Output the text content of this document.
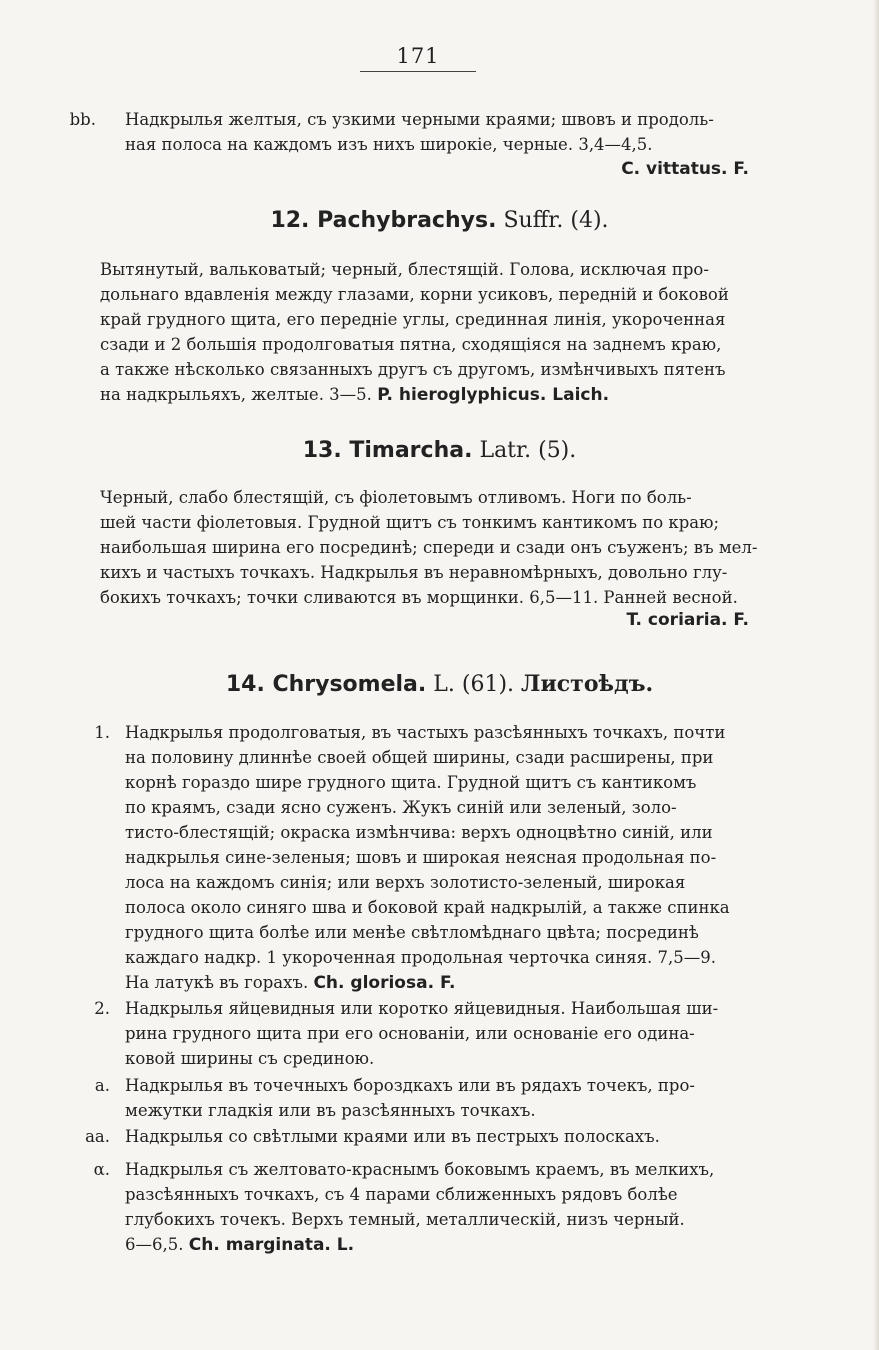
171
bb. Надкрылья желтыя, съ узкими черными краями; швовъ и продоль-
ная полоса на каждомъ изъ нихъ широкіе, черные. 3,4—4,5.
C. vittatus. F.
12. Pachybrachys. Suffr. (4).
Вытянутый, вальковатый; черный, блестящій. Голова, исключая про-
дольнаго вдавленія между глазами, корни усиковъ, передній и боковой
край грудного щита, его передніе углы, срединная линія, укороченная
сзади и 2 большія продолговатыя пятна, сходящіяся на заднемъ краю,
а также нѣсколько связанныхъ другъ съ другомъ, измѣнчивыхъ пятенъ
на надкрыльяхъ, желтые. 3—5. P. hieroglyphicus. Laich.
13. Timarcha. Latr. (5).
Черный, слабо блестящій, съ фіолетовымъ отливомъ. Ноги по боль-
шей части фіолетовыя. Грудной щитъ съ тонкимъ кантикомъ по краю;
наибольшая ширина его посрединѣ; спереди и сзади онъ съуженъ; въ мел-
кихъ и частыхъ точкахъ. Надкрылья въ неравномѣрныхъ, довольно глу-
бокихъ точкахъ; точки сливаются въ морщинки. 6,5—11. Ранней весной.
T. coriaria. F.
14. Chrysomela. L. (61). Листоѣдъ.
1. Надкрылья продолговатыя, въ частыхъ разсѣянныхъ точкахъ, почти
на половину длиннѣе своей общей ширины, сзади расширены, при
корнѣ гораздо шире грудного щита. Грудной щитъ съ кантикомъ
по краямъ, сзади ясно суженъ. Жукъ синій или зеленый, золо-
тисто-блестящій; окраска измѣнчива: верхъ одноцвѣтно синій, или
надкрылья сине-зеленыя; шовъ и широкая неясная продольная по-
лоса на каждомъ синія; или верхъ золотисто-зеленый, широкая
полоса около синяго шва и боковой край надкрылій, а также спинка
грудного щита болѣе или менѣе свѣтломѣднаго цвѣта; посрединѣ
каждаго надкр. 1 укороченная продольная черточка синяя. 7,5—9.
На латукѣ въ горахъ. Ch. gloriosa. F.
2. Надкрылья яйцевидныя или коротко яйцевидныя. Наибольшая ши-
рина грудного щита при его основаніи, или основаніе его одина-
ковой ширины съ срединою.
a. Надкрылья въ точечныхъ бороздкахъ или въ рядахъ точекъ, про-
межутки гладкія или въ разсѣянныхъ точкахъ.
aa. Надкрылья со свѣтлыми краями или въ пестрыхъ полоскахъ.
α. Надкрылья съ желтовато-краснымъ боковымъ краемъ, въ мелкихъ,
разсѣянныхъ точкахъ, съ 4 парами сближенныхъ рядовъ болѣе
глубокихъ точекъ. Верхъ темный, металлическій, низъ черный.
6—6,5. Ch. marginata. L.
